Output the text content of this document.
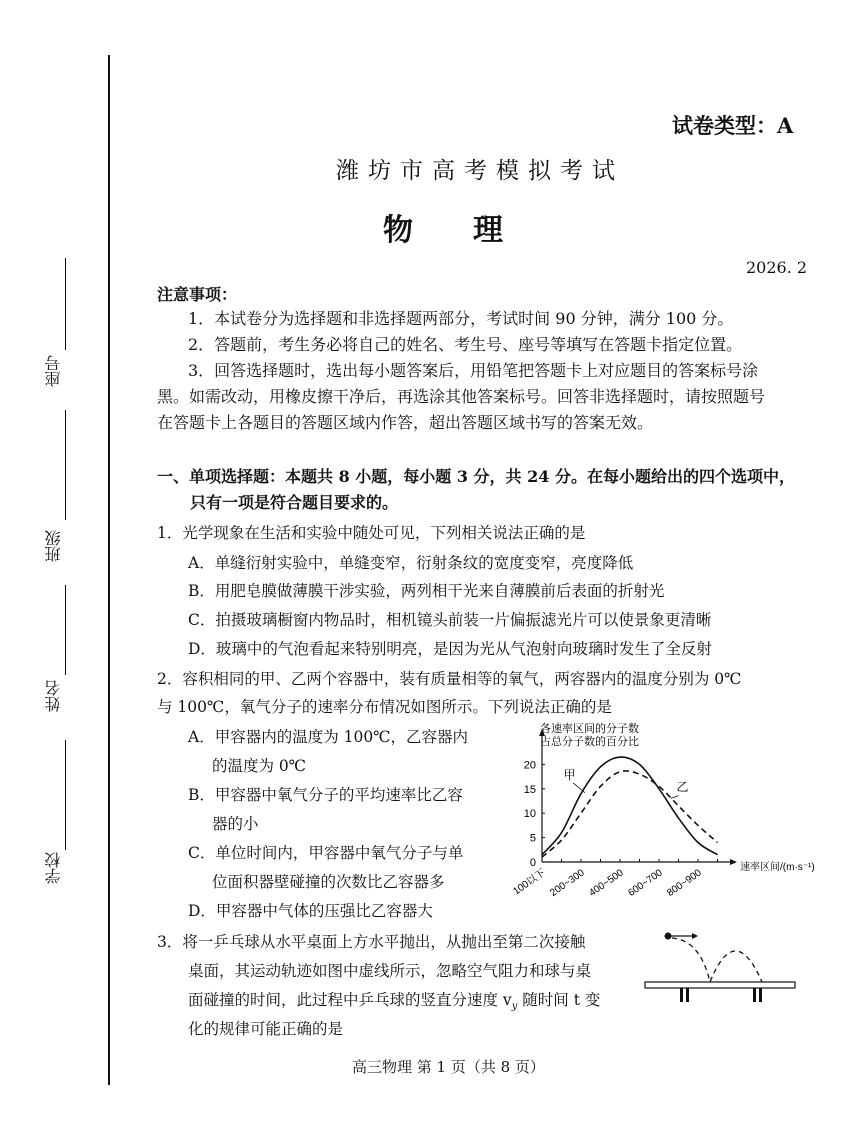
座号
班级
姓名
学校
试卷类型：A
潍坊市高考模拟考试
物　　理
2026. 2
注意事项：
1．本试卷分为选择题和非选择题两部分，考试时间 90 分钟，满分 100 分。
2．答题前，考生务必将自己的姓名、考生号、座号等填写在答题卡指定位置。
3．回答选择题时，选出每小题答案后，用铅笔把答题卡上对应题目的答案标号涂
黑。如需改动，用橡皮擦干净后，再选涂其他答案标号。回答非选择题时，请按照题号
在答题卡上各题目的答题区域内作答，超出答题区域书写的答案无效。
一、单项选择题：本题共 8 小题，每小题 3 分，共 24 分。在每小题给出的四个选项中，
只有一项是符合题目要求的。
1．光学现象在生活和实验中随处可见，下列相关说法正确的是
A．单缝衍射实验中，单缝变窄，衍射条纹的宽度变窄，亮度降低
B．用肥皂膜做薄膜干涉实验，两列相干光来自薄膜前后表面的折射光
C．拍摄玻璃橱窗内物品时，相机镜头前装一片偏振滤光片可以使景象更清晰
D．玻璃中的气泡看起来特别明亮，是因为光从气泡射向玻璃时发生了全反射
2．容积相同的甲、乙两个容器中，装有质量相等的氧气，两容器内的温度分别为 0℃
与 100℃，氧气分子的速率分布情况如图所示。下列说法正确的是
A．甲容器内的温度为 100℃，乙容器内
的温度为 0℃
B．甲容器中氧气分子的平均速率比乙容
器的小
C．单位时间内，甲容器中氧气分子与单
位面积器壁碰撞的次数比乙容器多
D．甲容器中气体的压强比乙容器大
各速率区间的分子数
占总分子数的百分比
0
5
10
15
20
100以下 200~300 400~500 600~700 800~900	速率区间/(m·s⁻¹)
甲
乙
3．将一乒乓球从水平桌面上方水平抛出，从抛出至第二次接触
桌面，其运动轨迹如图中虚线所示，忽略空气阻力和球与桌
面碰撞的时间，此过程中乒乓球的竖直分速度 $v_y$ 随时间 t 变
化的规律可能正确的是
高三物理 第 1 页（共 8 页）
